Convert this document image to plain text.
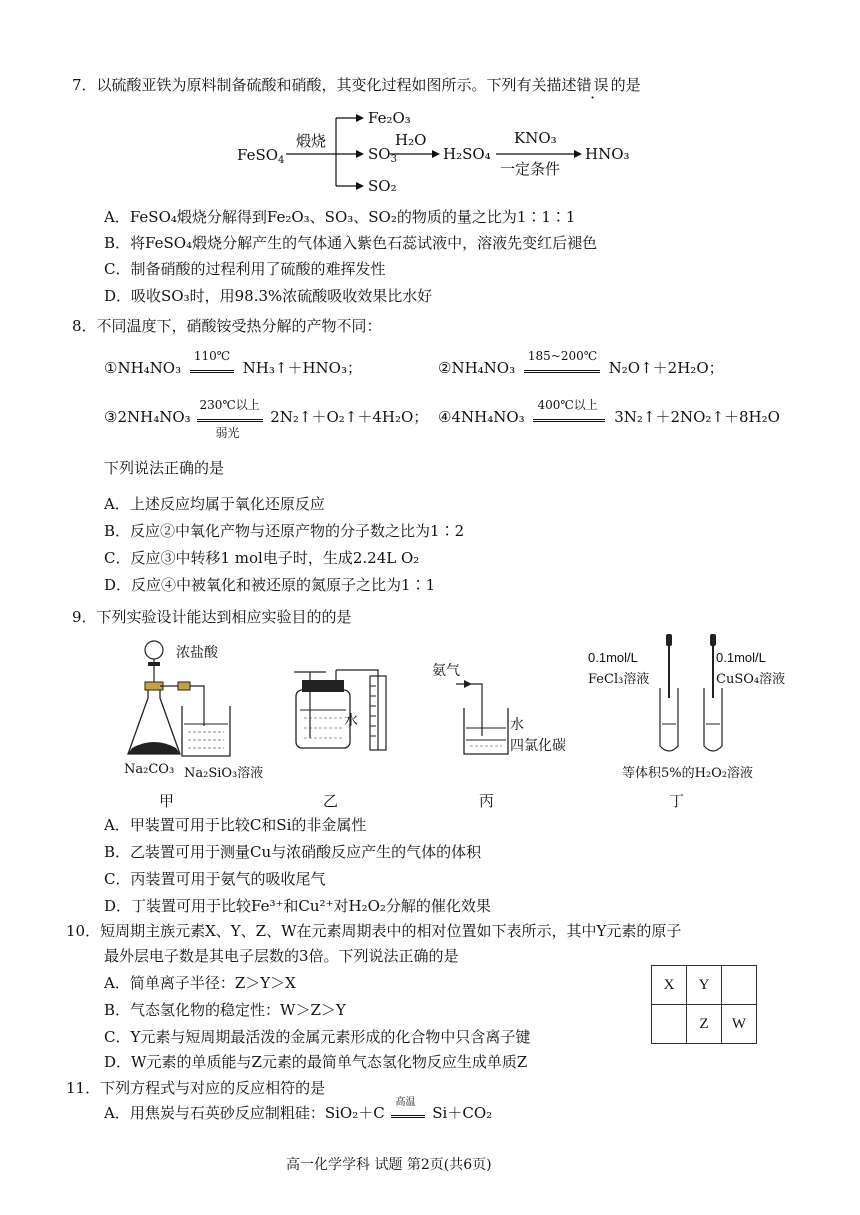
7．以硫酸亚铁为原料制备硫酸和硝酸，其变化过程如图所示。下列有关描述错误的是
FeSO$_4$
煅烧
Fe₂O₃
$SO_3$
H₂O
H₂SO₄
KNO₃
一定条件
HNO₃
SO₂
A．FeSO₄煅烧分解得到Fe₂O₃、SO₃、SO₂的物质的量之比为1∶1∶1
B．将FeSO₄煅烧分解产生的气体通入紫色石蕊试液中，溶液先变红后褪色
C．制备硝酸的过程利用了硫酸的难挥发性
D．吸收SO₃时，用98.3%浓硫酸吸收效果比水好
8．不同温度下，硝酸铵受热分解的产物不同：
①NH₄NO₃
110℃
NH₃↑＋HNO₃；	②NH₄NO₃
185~200℃
N₂O↑＋2H₂O；
③2NH₄NO₃
230℃以上
弱光
2N₂↑＋O₂↑＋4H₂O； ④4NH₄NO₃
400℃以上
3N₂↑＋2NO₂↑＋8H₂O
下列说法正确的是
A．上述反应均属于氧化还原反应
B．反应②中氧化产物与还原产物的分子数之比为1∶2
C．反应③中转移1 mol电子时，生成2.24L O₂
D．反应④中被氧化和被还原的氮原子之比为1∶1
9．下列实验设计能达到相应实验目的的是
浓盐酸
Na₂CO₃ Na₂SiO₃溶液
水
氨气
水
四氯化碳
0.1mol/L
FeCl₃溶液
0.1mol/L
CuSO₄溶液
等体积5%的H₂O₂溶液
甲	乙	丙	丁
A．甲装置可用于比较C和Si的非金属性
B．乙装置可用于测量Cu与浓硝酸反应产生的气体的体积
C．丙装置可用于氨气的吸收尾气
D．丁装置可用于比较Fe³⁺和Cu²⁺对H₂O₂分解的催化效果
10．短周期主族元素X、Y、Z、W在元素周期表中的相对位置如下表所示，其中Y元素的原子
最外层电子数是其电子层数的3倍。下列说法正确的是
A．简单离子半径：Z＞Y＞X
B．气态氢化物的稳定性：W＞Z＞Y
C．Y元素与短周期最活泼的金属元素形成的化合物中只含离子键
D．W元素的单质能与Z元素的最简单气态氢化物反应生成单质Z
X	Y	
	Z	W
11．下列方程式与对应的反应相符的是
A．用焦炭与石英砂反应制粗硅：SiO₂＋C
高温
Si＋CO₂
高一化学学科 试题 第2页(共6页)
